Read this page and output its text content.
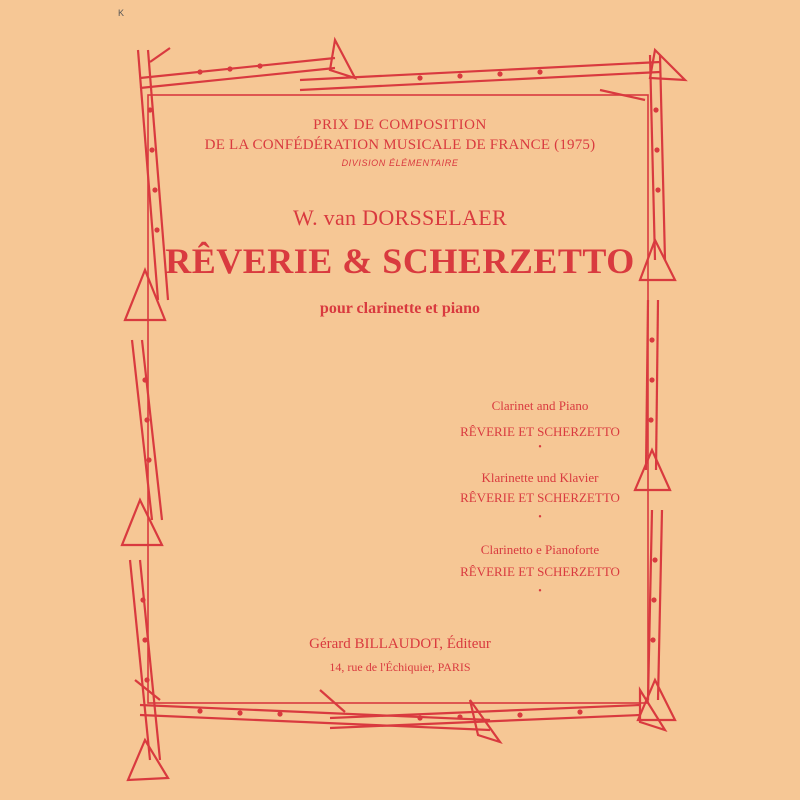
K
PRIX DE COMPOSITION
DE LA CONFÉDÉRATION MUSICALE DE FRANCE (1975)
DIVISION ÉLÉMENTAIRE
W. van DORSSELAER
RÊVERIE & SCHERZETTO
pour clarinette et piano
Clarinet and Piano
RÊVERIE ET SCHERZETTO
•
Klarinette und Klavier
RÊVERIE ET SCHERZETTO
•
Clarinetto e Pianoforte
RÊVERIE ET SCHERZETTO
•
Gérard BILLAUDOT, Éditeur
14, rue de l'Échiquier, PARIS
